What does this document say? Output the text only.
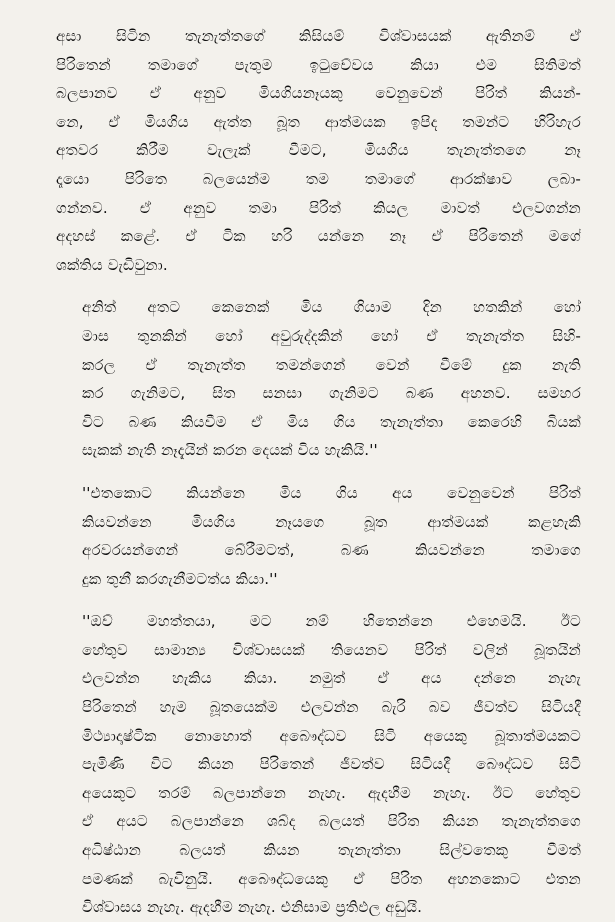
අසා සිටින තැනැත්තගේ කිසියම් විශ්වාසයක් ඇතිනම් ඒ
පිරිතෙන් තමාගේ පැතුම ඉටුවේවය කියා එම සිතිමත්
බලපානව ඒ අනුව මියගියනෑයකු වෙනුවෙන් පිරිත් කියන්-
නෙ, ඒ මියගිය ඇත්ත බූත ආත්මයක ඉපිද තමන්ට හිරිහැර
අතවර කිරීම වැලැක් වීමට, මියගිය තැනැත්තගෙ නෑ
දෑයො පිරිතෙ බලයෙන්ම තම තමාගේ ආරක්ෂාව ලබා-
ගන්නව. ඒ අනුව තමා පිරිත් කියල මාවත් එලවගන්න
අදහස් කළේ. ඒ ටික හරි යන්නෙ නෑ ඒ පිරිතෙන් මගේ
ශක්තිය වැඩිවුනා.
අනිත් අතට කෙනෙක් මිය ගියාම දින හතකින් හෝ
මාස තුනකින් හෝ අවුරුද්දකින් හෝ ඒ තැනැත්ත සිහි-
කරල ඒ තැනැත්ත තමන්ගෙන් වෙන් වීමේ දුක නැති
කර ගැනිමට, සිත සනසා ගැනිමට බණ අහනව. සමහර
විට බණ කියවීම ඒ මිය ගිය තැනැත්තා කෙරෙහි බියක්
සැකක් නැති නෑදැයින් කරන දෙයක් විය හැකියි.''
''එතකොට කියන්නෙ මිය ගිය අය වෙනුවෙන් පිරිත්
කියවන්නෙ මියගිය නෑයගෙ බූත ආත්මයක් කළහැකි
අරවරයන්ගෙන් බේරීමටත්, බණ කියවන්නෙ තමාගෙ
දුක තුනී කරගැනීමටත්ය කියා.''
''ඔව් මහත්තයා, මට නම් හිතෙන්නෙ එහෙමයි. ඊට
හේතුව සාමාන්‍ය විශ්වාසයක් තියෙනව පිරිත් වලින් බූතයින්
එලවන්න හැකිය කියා. නමුත් ඒ අය දන්නෙ නැහැ
පිරිතෙන් හැම බූතයෙක්ම එලවන්න බැරි බව ජීවත්ව සිටියදී
මිථ්‍යාදෘෂ්ටික නොහොත් අබෞද්ධව සිටි අයෙකු බූතාත්මයකට
පැමිණි විට කියන පිරිතෙන් ජීවත්ව සිටියදී බෞද්ධව සිටි
අයෙකුට තරම් බලපාන්නෙ නැහැ. ඇදහීම නැහැ. ඊට හේතුව
ඒ අයට බලපාන්නෙ ශබ්ද බලයත් පිරිත කියන තැනැත්තගෙ
අධිෂ්ඨාන බලයත් කියන තැනැත්තා සිල්වතෙකු වීමත්
පමණක් බැවිනුයි. අබෞද්ධයෙකු ඒ පිරිත අහනකොට එතන
විශ්වාසය නැහැ. ඇදහීම නැහැ. එනිසාම ප්‍රතිඵල අඩුයි.
